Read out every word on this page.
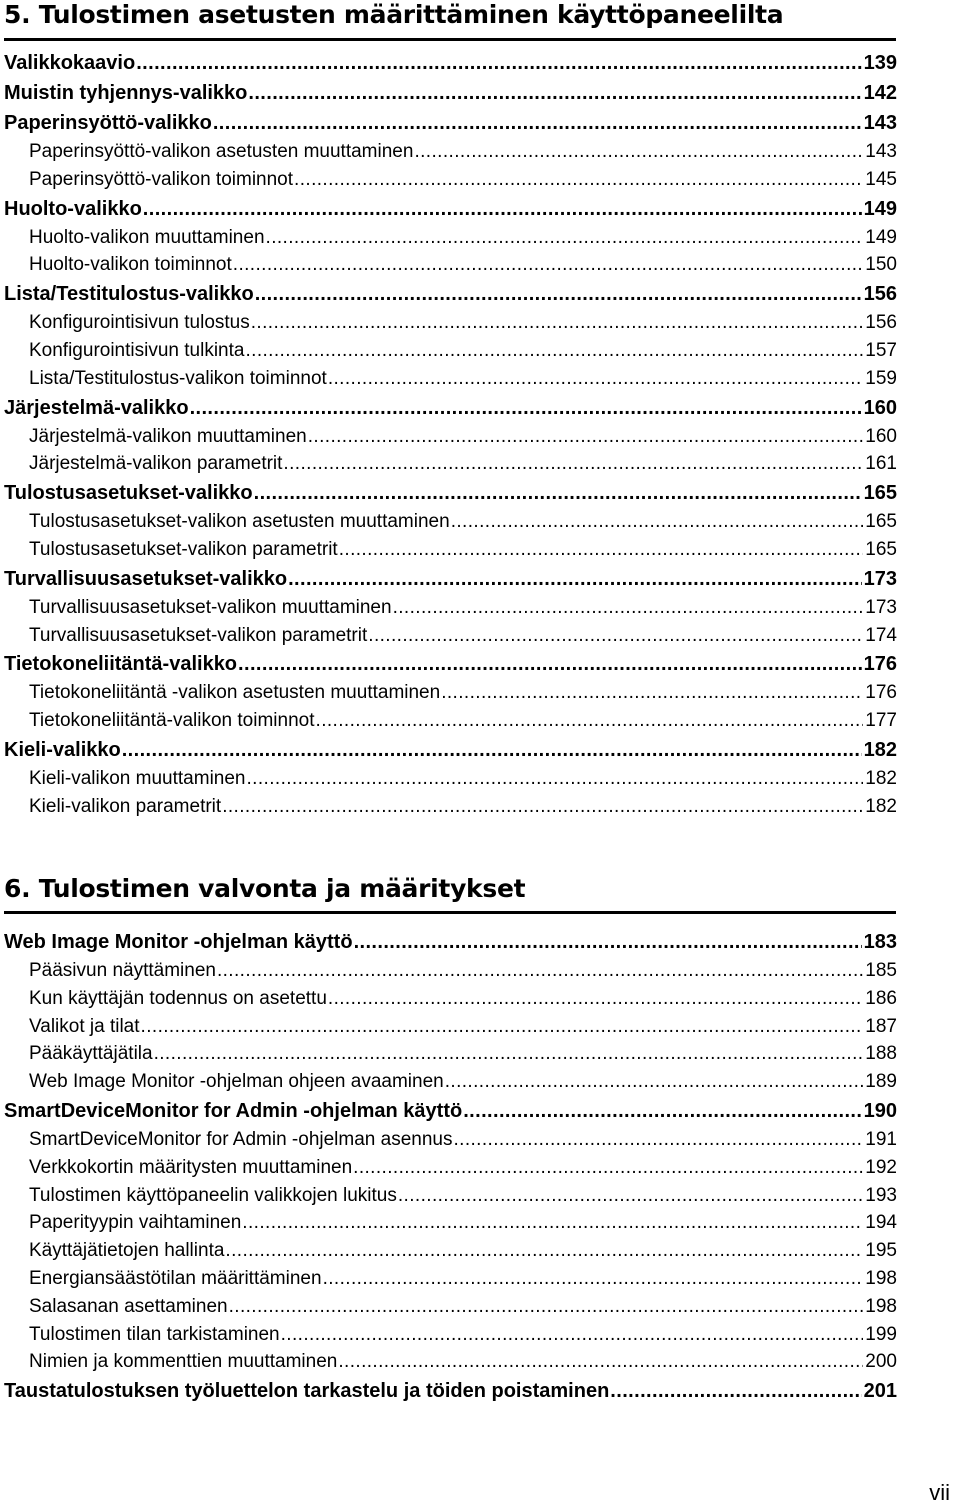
5. Tulostimen asetusten määrittäminen käyttöpaneelilta
Valikkokaavio .....	139
Muistin tyhjennys-valikko .....	142
Paperinsyöttö-valikko .....	143
Paperinsyöttö-valikon asetusten muuttaminen .....	143
Paperinsyöttö-valikon toiminnot .....	145
Huolto-valikko .....	149
Huolto-valikon muuttaminen .....	149
Huolto-valikon toiminnot .....	150
Lista/Testitulostus-valikko .....	156
Konfigurointisivun tulostus .....	156
Konfigurointisivun tulkinta .....	157
Lista/Testitulostus-valikon toiminnot .....	159
Järjestelmä-valikko .....	160
Järjestelmä-valikon muuttaminen .....	160
Järjestelmä-valikon parametrit .....	161
Tulostusasetukset-valikko .....	165
Tulostusasetukset-valikon asetusten muuttaminen .....	165
Tulostusasetukset-valikon parametrit .....	165
Turvallisuusasetukset-valikko .....	173
Turvallisuusasetukset-valikon muuttaminen .....	173
Turvallisuusasetukset-valikon parametrit .....	174
Tietokoneliitäntä-valikko .....	176
Tietokoneliitäntä -valikon asetusten muuttaminen .....	176
Tietokoneliitäntä-valikon toiminnot .....	177
Kieli-valikko .....	182
Kieli-valikon muuttaminen .....	182
Kieli-valikon parametrit .....	182
6. Tulostimen valvonta ja määritykset
Web Image Monitor -ohjelman käyttö .....	183
Pääsivun näyttäminen .....	185
Kun käyttäjän todennus on asetettu .....	186
Valikot ja tilat .....	187
Pääkäyttäjätila .....	188
Web Image Monitor -ohjelman ohjeen avaaminen .....	189
SmartDeviceMonitor for Admin -ohjelman käyttö .....	190
SmartDeviceMonitor for Admin -ohjelman asennus .....	191
Verkkokortin määritysten muuttaminen .....	192
Tulostimen käyttöpaneelin valikkojen lukitus .....	193
Paperityypin vaihtaminen .....	194
Käyttäjätietojen hallinta .....	195
Energiansäästötilan määrittäminen .....	198
Salasanan asettaminen .....	198
Tulostimen tilan tarkistaminen .....	199
Nimien ja kommenttien muuttaminen .....	200
Taustatulostuksen työluettelon tarkastelu ja töiden poistaminen .....	201
vii
